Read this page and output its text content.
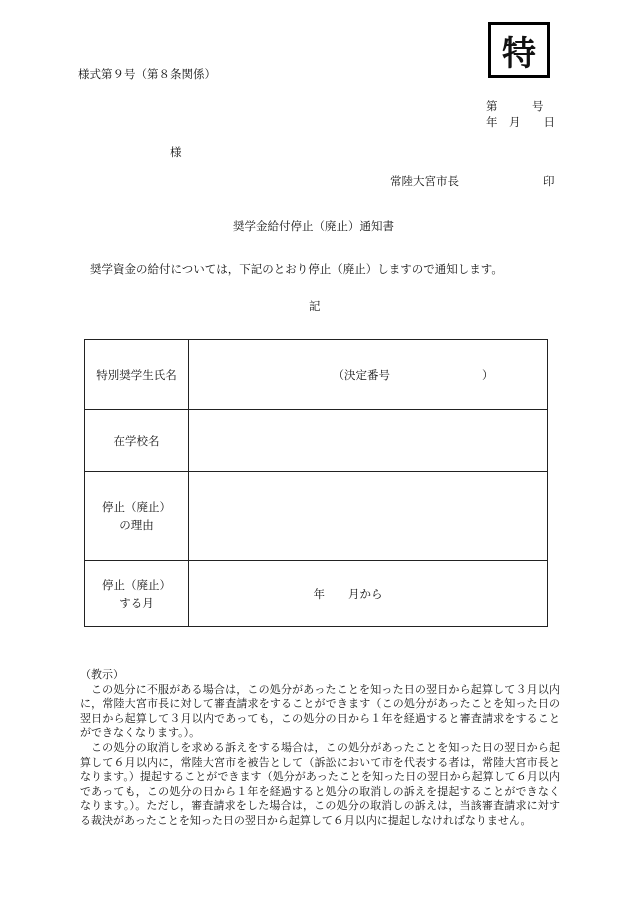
様式第９号（第８条関係）
特
第　　　号
年　月　　日
様
常陸大宮市長	印
奨学金給付停止（廃止）通知書
奨学資金の給付については，下記のとおり停止（廃止）しますので通知します。
記
特別奨学生氏名	（決定番号　　　　　　　　）
在学校名	

停止（廃止）
の理由	

停止（廃止）
する月	年　　月から

（教示）

この処分に不服がある場合は，この処分があったことを知った日の翌日から起算して３月以内に，常陸大宮市長に対して審査請求をすることができます（この処分があったことを知った日の翌日から起算して３月以内であっても，この処分の日から１年を経過すると審査請求をすることができなくなります。）。

この処分の取消しを求める訴えをする場合は，この処分があったことを知った日の翌日から起算して６月以内に，常陸大宮市を被告として（訴訟において市を代表する者は，常陸大宮市長となります。）提起することができます（処分があったことを知った日の翌日から起算して６月以内であっても，この処分の日から１年を経過すると処分の取消しの訴えを提起することができなくなります。）。ただし，審査請求をした場合は，この処分の取消しの訴えは，当該審査請求に対する裁決があったことを知った日の翌日から起算して６月以内に提起しなければなりません。
